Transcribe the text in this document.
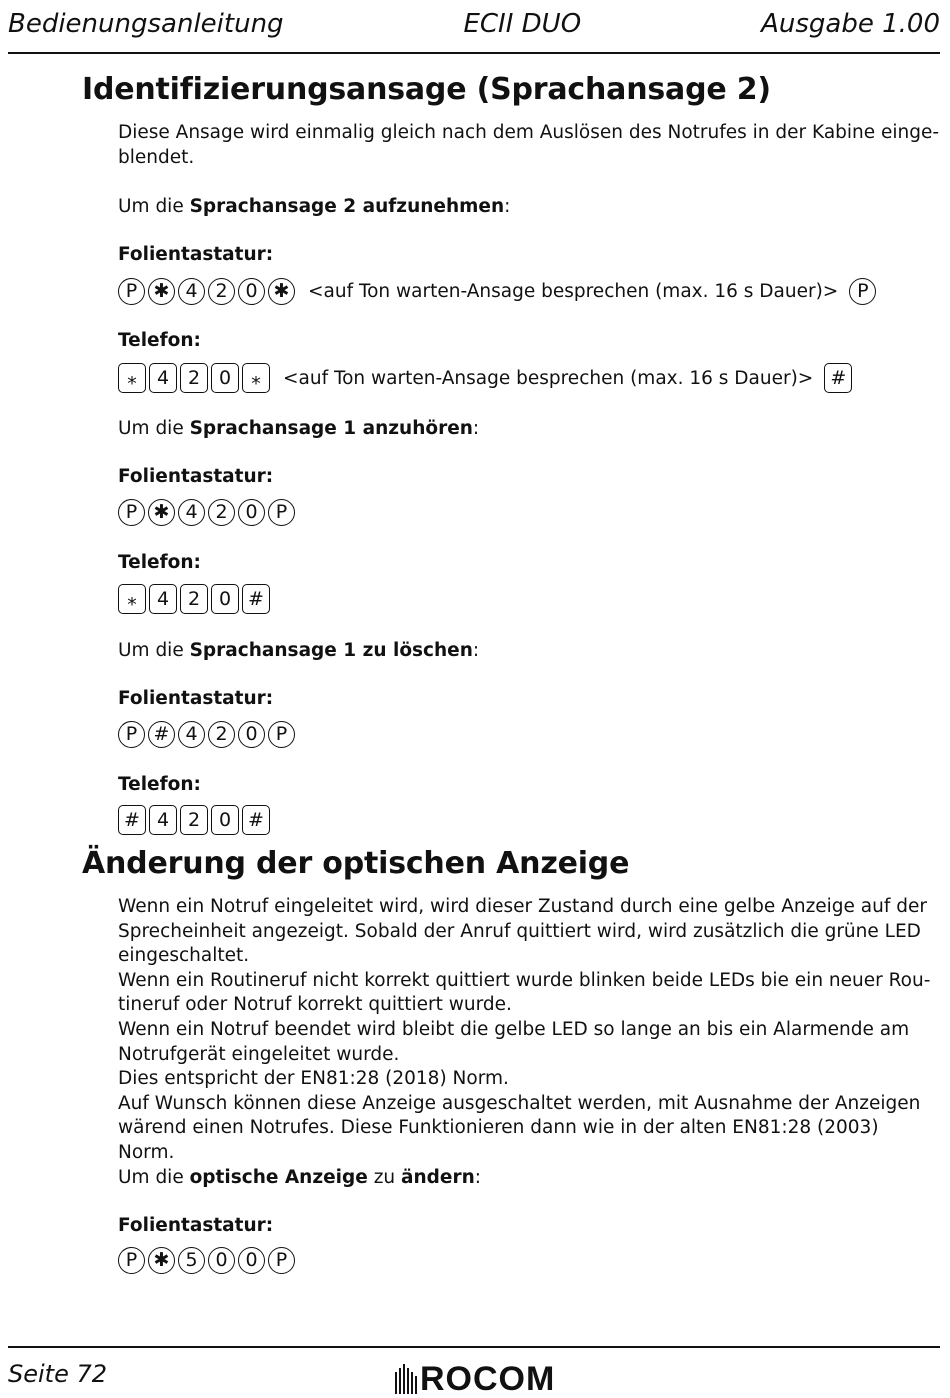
Bedienungsanleitung	ECII DUO	Ausgabe 1.00
Identifizierungsansage (Sprachansage 2)
Diese Ansage wird einmalig gleich nach dem Auslösen des Notrufes in der Kabine einge-blendet.
Um die Sprachansage 2 aufzunehmen:
Folientastatur:
P ✱ 4 2 0 ✱ <auf Ton warten-Ansage besprechen (max. 16 s Dauer)> P
Telefon:
⁎	4 2 0	⁎	<auf Ton warten-Ansage besprechen (max. 16 s Dauer)> #
Um die Sprachansage 1 anzuhören:
Folientastatur:
P ✱ 4 2 0 P
Telefon:
⁎	4 2 0 #
Um die Sprachansage 1 zu löschen:
Folientastatur:
P # 4 2 0 P
Telefon:
# 4 2 0 #
Änderung der optischen Anzeige
Wenn ein Notruf eingeleitet wird, wird dieser Zustand durch eine gelbe Anzeige auf der
Sprecheinheit angezeigt. Sobald der Anruf quittiert wird, wird zusätzlich die grüne LED
eingeschaltet.
Wenn ein Routineruf nicht korrekt quittiert wurde blinken beide LEDs bie ein neuer Rou-
tineruf oder Notruf korrekt quittiert wurde.
Wenn ein Notruf beendet wird bleibt die gelbe LED so lange an bis ein Alarmende am
Notrufgerät eingeleitet wurde.
Dies entspricht der EN81:28 (2018) Norm.
Auf Wunsch können diese Anzeige ausgeschaltet werden, mit Ausnahme der Anzeigen
wärend einen Notrufes. Diese Funktionieren dann wie in der alten EN81:28 (2003) Norm.
Um die optische Anzeige zu ändern:
Folientastatur:
P ✱ 5 0 0 P
Seite 72	ROCOM
